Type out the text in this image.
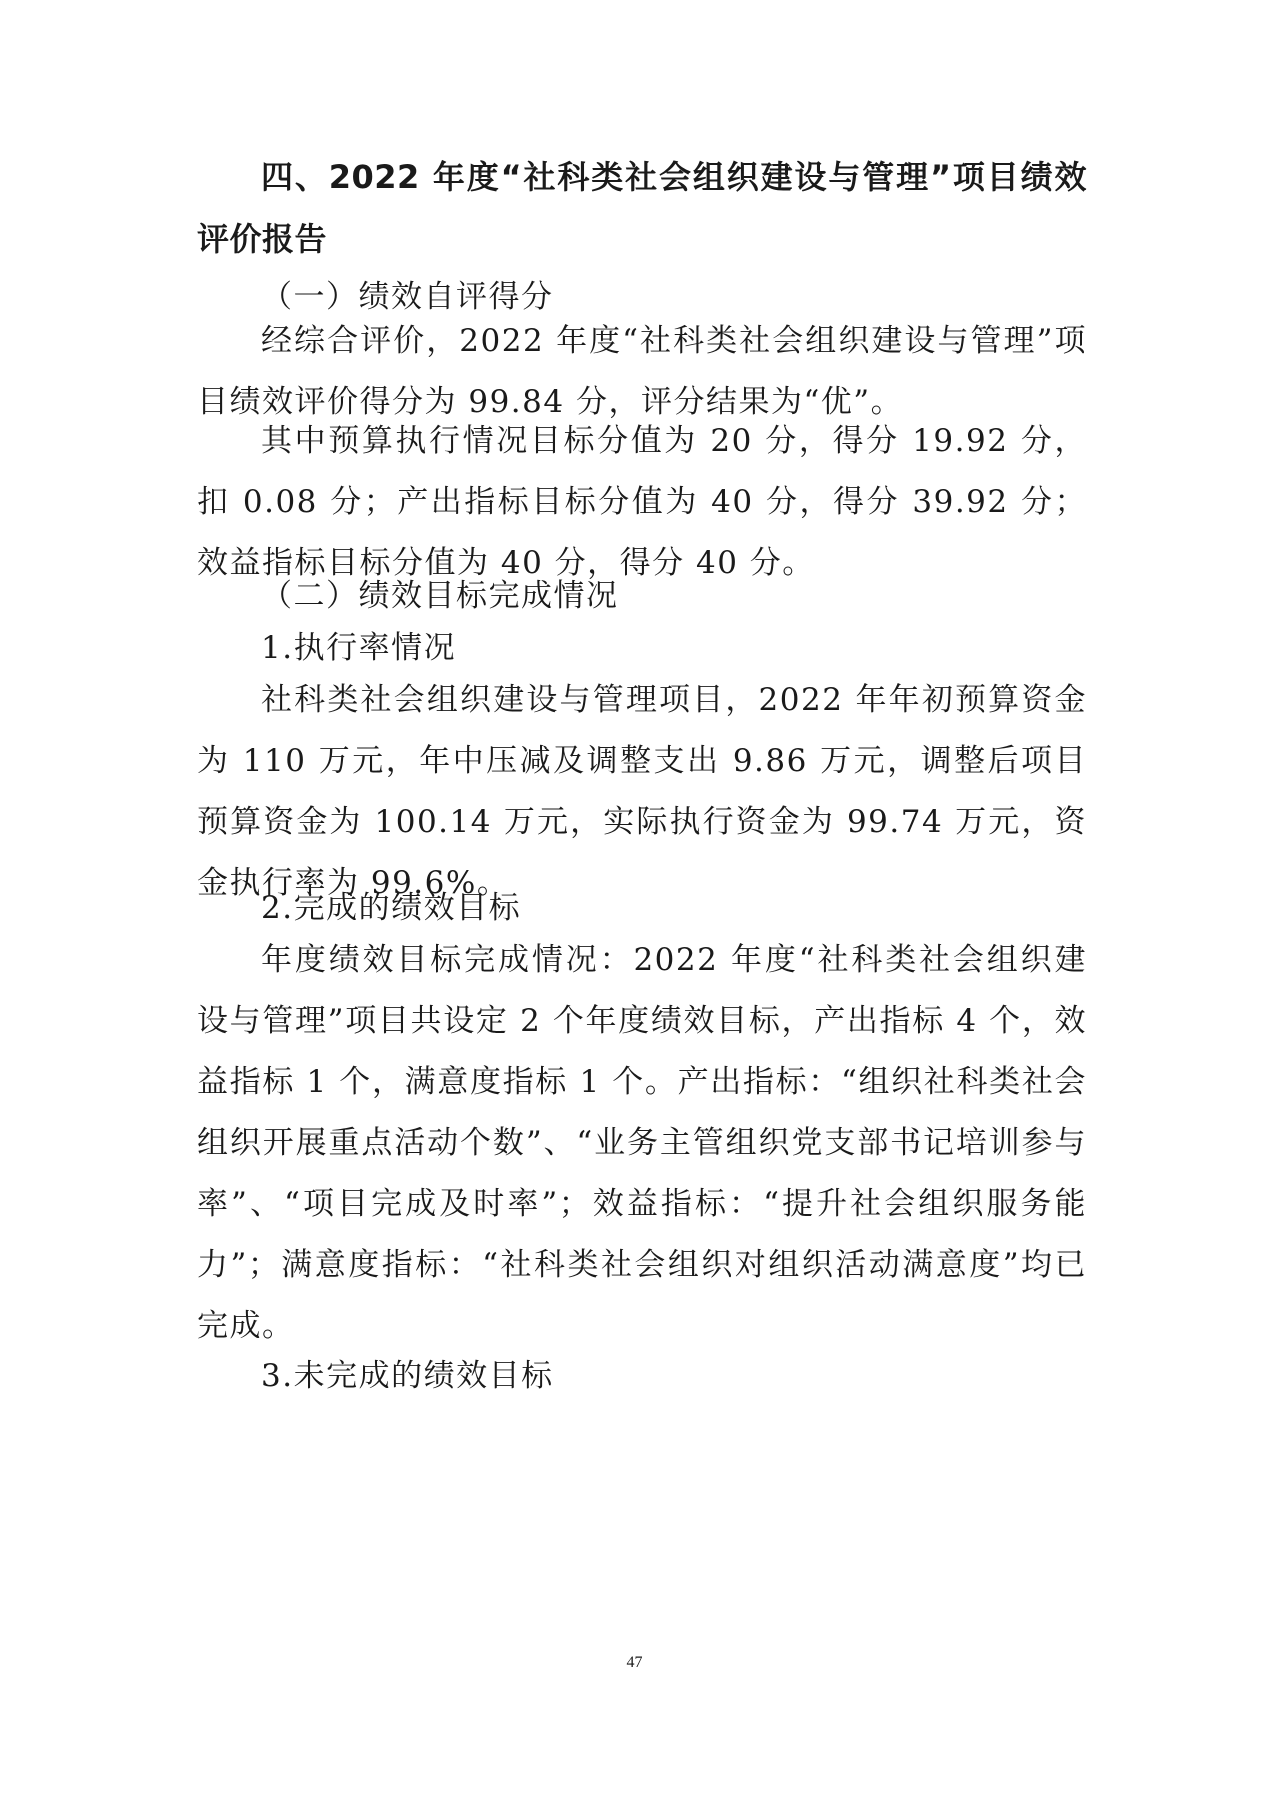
四、2022 年度“社科类社会组织建设与管理”项目绩效评价报告

（一）绩效自评得分

经综合评价，2022 年度“社科类社会组织建设与管理”项目绩效评价得分为 99.84 分，评分结果为“优”。

其中预算执行情况目标分值为 20 分，得分 19.92 分，扣 0.08 分；产出指标目标分值为 40 分，得分 39.92 分；效益指标目标分值为 40 分，得分 40 分。

（二）绩效目标完成情况

1.执行率情况

社科类社会组织建设与管理项目，2022 年年初预算资金为 110 万元，年中压减及调整支出 9.86 万元，调整后项目预算资金为 100.14 万元，实际执行资金为 99.74 万元，资金执行率为 99.6%。

2.完成的绩效目标

年度绩效目标完成情况：2022 年度“社科类社会组织建设与管理”项目共设定 2 个年度绩效目标，产出指标 4 个，效益指标 1 个，满意度指标 1 个。产出指标：“组织社科类社会组织开展重点活动个数”、“业务主管组织党支部书记培训参与率”、“项目完成及时率”；效益指标：“提升社会组织服务能力”；满意度指标：“社科类社会组织对组织活动满意度”均已完成。

3.未完成的绩效目标

47
